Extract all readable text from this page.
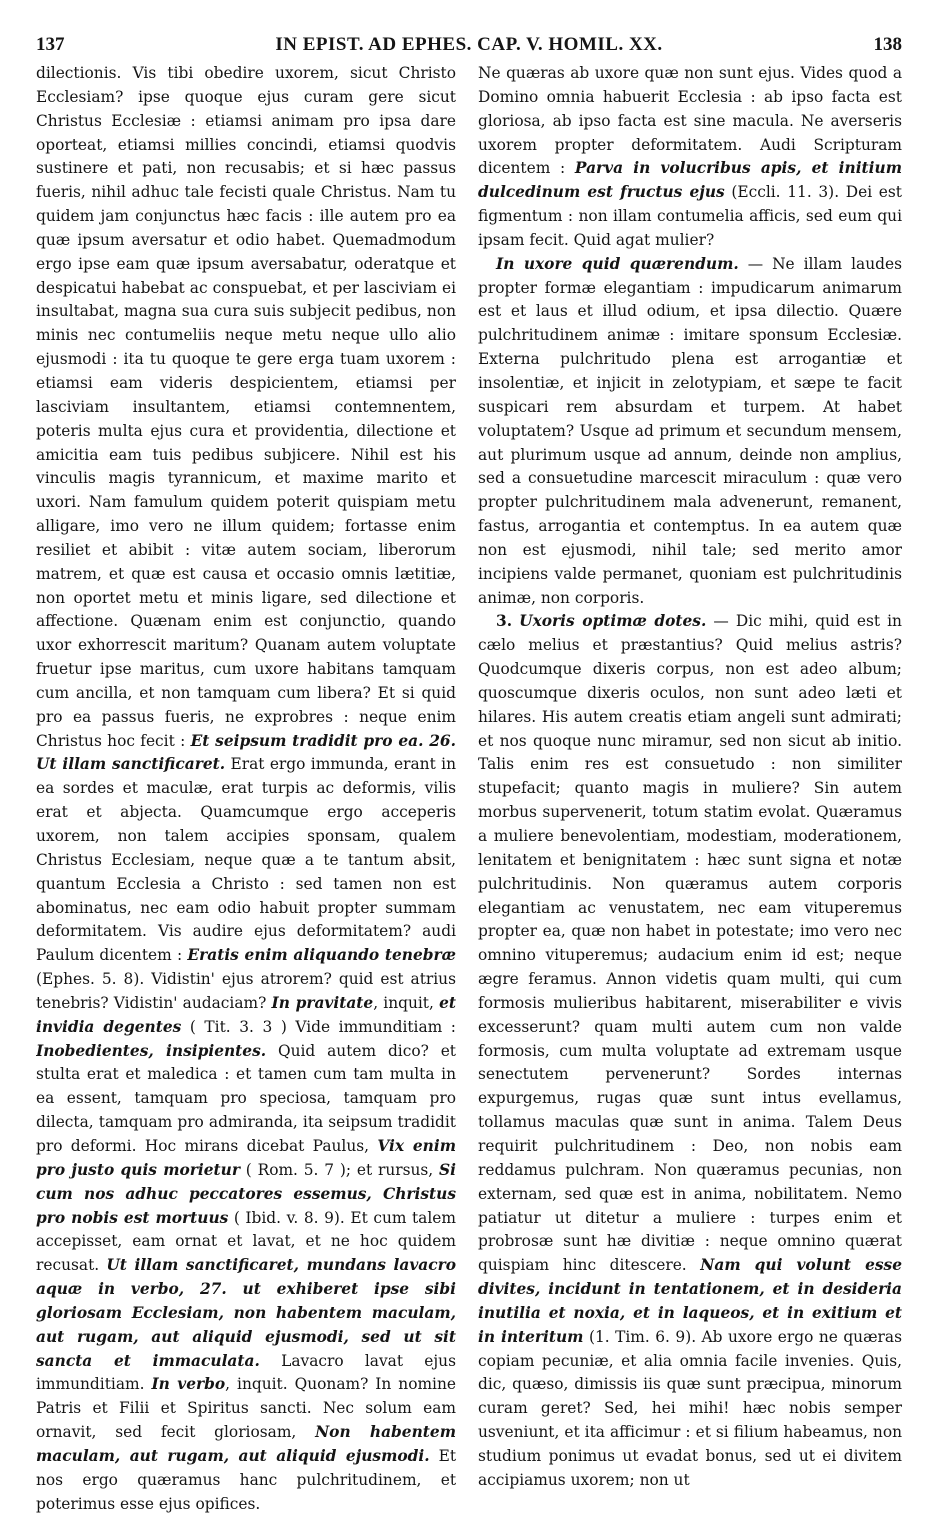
137	IN EPIST. AD EPHES. CAP. V. HOMIL. XX.	138

dilectionis. Vis tibi obedire uxorem, sicut Christo Ecclesiam? ipse quoque ejus curam gere sicut Christus Ecclesiæ : etiamsi animam pro ipsa dare oporteat, etiamsi millies concindi, etiamsi quodvis sustinere et pati, non recusabis; et si hæc passus fueris, nihil adhuc tale fecisti quale Christus. Nam tu quidem jam conjunctus hæc facis : ille autem pro ea quæ ipsum aversatur et odio habet. Quemadmodum ergo ipse eam quæ ipsum aversabatur, oderatque et despicatui habebat ac conspuebat, et per lasciviam ei insultabat, magna sua cura suis subjecit pedibus, non minis nec contumeliis neque metu neque ullo alio ejusmodi : ita tu quoque te gere erga tuam uxorem : etiamsi eam videris despicientem, etiamsi per lasciviam insultantem, etiamsi contemnentem, poteris multa ejus cura et providentia, dilectione et amicitia eam tuis pedibus subjicere. Nihil est his vinculis magis tyrannicum, et maxime marito et uxori. Nam famulum quidem poterit quispiam metu alligare, imo vero ne illum quidem; fortasse enim resiliet et abibit : vitæ autem sociam, liberorum matrem, et quæ est causa et occasio omnis lætitiæ, non oportet metu et minis ligare, sed dilectione et affectione. Quænam enim est conjunctio, quando uxor exhorrescit maritum? Quanam autem voluptate fruetur ipse maritus, cum uxore habitans tamquam cum ancilla, et non tamquam cum libera? Et si quid pro ea passus fueris, ne exprobres : neque enim Christus hoc fecit : Et seipsum tradidit pro ea. 26. Ut illam sanctificaret. Erat ergo immunda, erant in ea sordes et maculæ, erat turpis ac deformis, vilis erat et abjecta. Quamcumque ergo acceperis uxorem, non talem accipies sponsam, qualem Christus Ecclesiam, neque quæ a te tantum absit, quantum Ecclesia a Christo : sed tamen non est abominatus, nec eam odio habuit propter summam deformitatem. Vis audire ejus deformitatem? audi Paulum dicentem : Eratis enim aliquando tenebræ (Ephes. 5. 8). Vidistin' ejus atrorem? quid est atrius tenebris? Vidistin' audaciam? In pravitate, inquit, et invidia degentes ( Tit. 3. 3 ) Vide immunditiam : Inobedientes, insipientes. Quid autem dico? et stulta erat et maledica : et tamen cum tam multa in ea essent, tamquam pro speciosa, tamquam pro dilecta, tamquam pro admiranda, ita seipsum tradidit pro deformi. Hoc mirans dicebat Paulus, Vix enim pro justo quis morietur ( Rom. 5. 7 ); et rursus, Si cum nos adhuc peccatores essemus, Christus pro nobis est mortuus ( Ibid. v. 8. 9). Et cum talem accepisset, eam ornat et lavat, et ne hoc quidem recusat. Ut illam sanctificaret, mundans lavacro aquæ in verbo, 27. ut exhiberet ipse sibi gloriosam Ecclesiam, non habentem maculam, aut rugam, aut aliquid ejusmodi, sed ut sit sancta et immaculata. Lavacro lavat ejus immunditiam. In verbo, inquit. Quonam? In nomine Patris et Filii et Spiritus sancti. Nec solum eam ornavit, sed fecit gloriosam, Non habentem maculam, aut rugam, aut aliquid ejusmodi. Et nos ergo quæramus hanc pulchritudinem, et poterimus esse ejus opifices.

Ne quæras ab uxore quæ non sunt ejus. Vides quod a Domino omnia habuerit Ecclesia : ab ipso facta est gloriosa, ab ipso facta est sine macula. Ne averseris uxorem propter deformitatem. Audi Scripturam dicentem : Parva in volucribus apis, et initium dulcedinum est fructus ejus (Eccli. 11. 3). Dei est figmentum : non illam contumelia afficis, sed eum qui ipsam fecit. Quid agat mulier?

In uxore quid quærendum. — Ne illam laudes propter formæ elegantiam : impudicarum animarum est et laus et illud odium, et ipsa dilectio. Quære pulchritudinem animæ : imitare sponsum Ecclesiæ. Externa pulchritudo plena est arrogantiæ et insolentiæ, et injicit in zelotypiam, et sæpe te facit suspicari rem absurdam et turpem. At habet voluptatem? Usque ad primum et secundum mensem, aut plurimum usque ad annum, deinde non amplius, sed a consuetudine marcescit miraculum : quæ vero propter pulchritudinem mala advenerunt, remanent, fastus, arrogantia et contemptus. In ea autem quæ non est ejusmodi, nihil tale; sed merito amor incipiens valde permanet, quoniam est pulchritudinis animæ, non corporis.

3. Uxoris optimæ dotes. — Dic mihi, quid est in cælo melius et præstantius? Quid melius astris? Quodcumque dixeris corpus, non est adeo album; quoscumque dixeris oculos, non sunt adeo læti et hilares. His autem creatis etiam angeli sunt admirati; et nos quoque nunc miramur, sed non sicut ab initio. Talis enim res est consuetudo : non similiter stupefacit; quanto magis in muliere? Sin autem morbus supervenerit, totum statim evolat. Quæramus a muliere benevolentiam, modestiam, moderationem, lenitatem et benignitatem : hæc sunt signa et notæ pulchritudinis. Non quæramus autem corporis elegantiam ac venustatem, nec eam vituperemus propter ea, quæ non habet in potestate; imo vero nec omnino vituperemus; audacium enim id est; neque ægre feramus. Annon videtis quam multi, qui cum formosis mulieribus habitarent, miserabiliter e vivis excesserunt? quam multi autem cum non valde formosis, cum multa voluptate ad extremam usque senectutem pervenerunt? Sordes internas expurgemus, rugas quæ sunt intus evellamus, tollamus maculas quæ sunt in anima. Talem Deus requirit pulchritudinem : Deo, non nobis eam reddamus pulchram. Non quæramus pecunias, non externam, sed quæ est in anima, nobilitatem. Nemo patiatur ut ditetur a muliere : turpes enim et probrosæ sunt hæ divitiæ : neque omnino quærat quispiam hinc ditescere. Nam qui volunt esse divites, incidunt in tentationem, et in desideria inutilia et noxia, et in laqueos, et in exitium et in interitum (1. Tim. 6. 9). Ab uxore ergo ne quæras copiam pecuniæ, et alia omnia facile invenies. Quis, dic, quæso, dimissis iis quæ sunt præcipua, minorum curam geret? Sed, hei mihi! hæc nobis semper usveniunt, et ita afficimur : et si filium habeamus, non studium ponimus ut evadat bonus, sed ut ei divitem accipiamus uxorem; non ut
